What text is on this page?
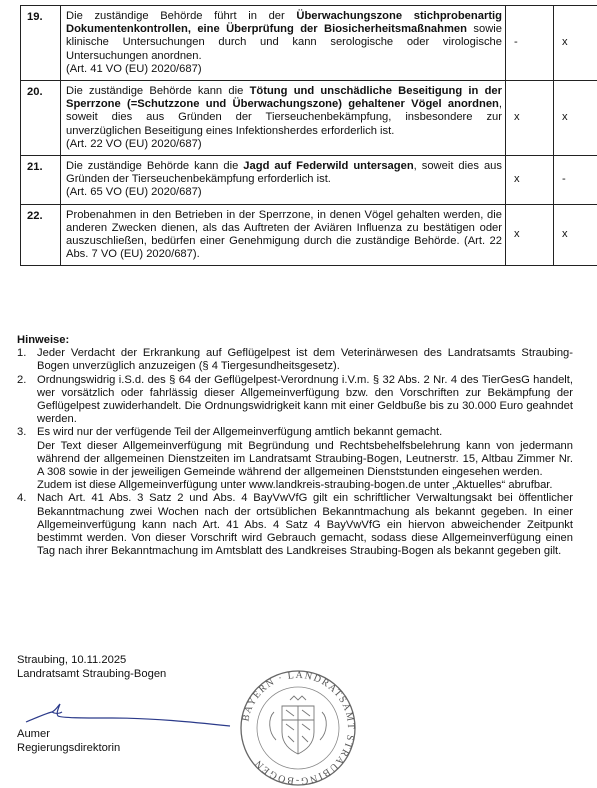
19.	Die zuständige Behörde führt in der Überwachungszone stichprobenartig Dokumentenkontrollen, eine Überprüfung der Biosicherheitsmaßnahmen sowie klinische Untersuchungen durch und kann serologische oder virologische Untersuchungen anordnen.
(Art. 41 VO (EU) 2020/687)	-	x
20.	Die zuständige Behörde kann die Tötung und unschädliche Beseitigung in der Sperrzone (=Schutzzone und Überwachungszone) gehaltener Vögel anordnen, soweit dies aus Gründen der Tierseuchenbekämpfung, insbesondere zur unverzüglichen Beseitigung eines Infektionsherdes erforderlich ist.
(Art. 22 VO (EU) 2020/687)	x	x
21.	Die zuständige Behörde kann die Jagd auf Federwild untersagen, soweit dies aus Gründen der Tierseuchenbekämpfung erforderlich ist.
(Art. 65 VO (EU) 2020/687)	x	-
22.	Probenahmen in den Betrieben in der Sperrzone, in denen Vögel gehalten werden, die anderen Zwecken dienen, als das Auftreten der Aviären Influenza zu bestätigen oder auszuschließen, bedürfen einer Genehmigung durch die zuständige Behörde. (Art. 22 Abs. 7 VO (EU) 2020/687).	x	x
Hinweise:
1. Jeder Verdacht der Erkrankung auf Geflügelpest ist dem Veterinärwesen des Landratsamts Straubing-Bogen unverzüglich anzuzeigen (§ 4 Tiergesundheitsgesetz).

2. Ordnungswidrig i.S.d. des § 64 der Geflügelpest-Verordnung i.V.m. § 32 Abs. 2 Nr. 4 des TierGesG handelt, wer vorsätzlich oder fahrlässig dieser Allgemeinverfügung bzw. den Vorschriften zur Bekämpfung der Geflügelpest zuwiderhandelt. Die Ordnungswidrigkeit kann mit einer Geldbuße bis zu 30.000 Euro geahndet werden.

3. Es wird nur der verfügende Teil der Allgemeinverfügung amtlich bekannt gemacht.

Der Text dieser Allgemeinverfügung mit Begründung und Rechtsbehelfsbelehrung kann von jedermann während der allgemeinen Dienstzeiten im Landratsamt Straubing-Bogen, Leutnerstr. 15, Altbau Zimmer Nr. A 308 sowie in der jeweiligen Gemeinde während der allgemeinen Dienststunden eingesehen werden.

Zudem ist diese Allgemeinverfügung unter www.landkreis-straubing-bogen.de unter „Aktuelles“ abrufbar.

4. Nach Art. 41 Abs. 3 Satz 2 und Abs. 4 BayVwVfG gilt ein schriftlicher Verwaltungsakt bei öffentlicher Bekanntmachung zwei Wochen nach der ortsüblichen Bekanntmachung als bekannt gegeben. In einer Allgemeinverfügung kann nach Art. 41 Abs. 4 Satz 4 BayVwVfG ein hiervon abweichender Zeitpunkt bestimmt werden. Von dieser Vorschrift wird Gebrauch gemacht, sodass diese Allgemeinverfügung einen Tag nach ihrer Bekanntmachung im Amtsblatt des Landkreises Straubing-Bogen als bekannt gegeben gilt.

Straubing, 10.11.2025
Landratsamt Straubing-Bogen
BAYERN · LANDRATSAMT STRAUBING-BOGEN
Aumer
Regierungsdirektorin
